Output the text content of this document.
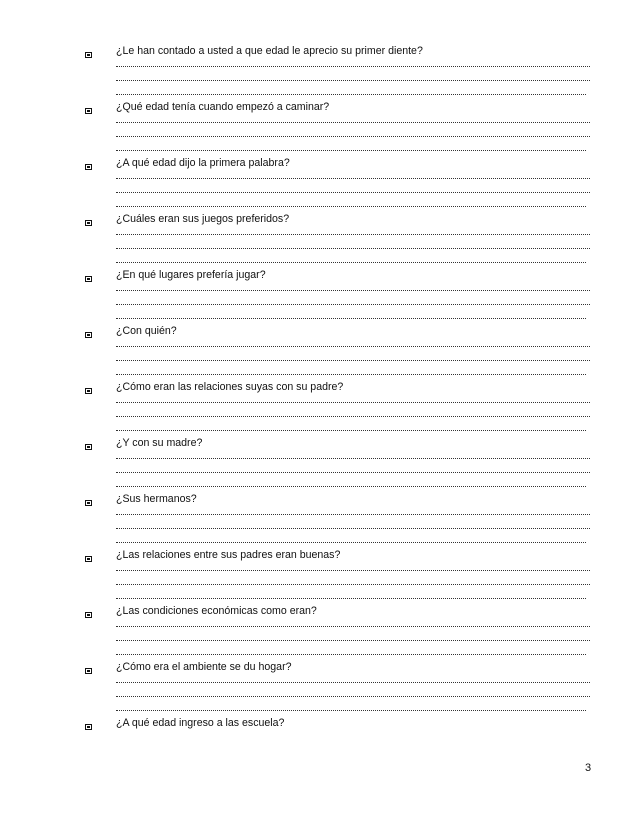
¿Le han contado a usted a que edad le aprecio su primer diente?
¿Qué edad tenía cuando empezó a caminar?
¿A qué edad dijo la primera palabra?
¿Cuáles eran sus juegos preferidos?
¿En qué lugares prefería jugar?
¿Con quién?
¿Cómo eran las relaciones suyas con su padre?
¿Y con su madre?
¿Sus hermanos?
¿Las relaciones entre sus padres eran buenas?
¿Las condiciones económicas como eran?
¿Cómo era el ambiente se du hogar?
¿A qué edad ingreso a las escuela?
3
